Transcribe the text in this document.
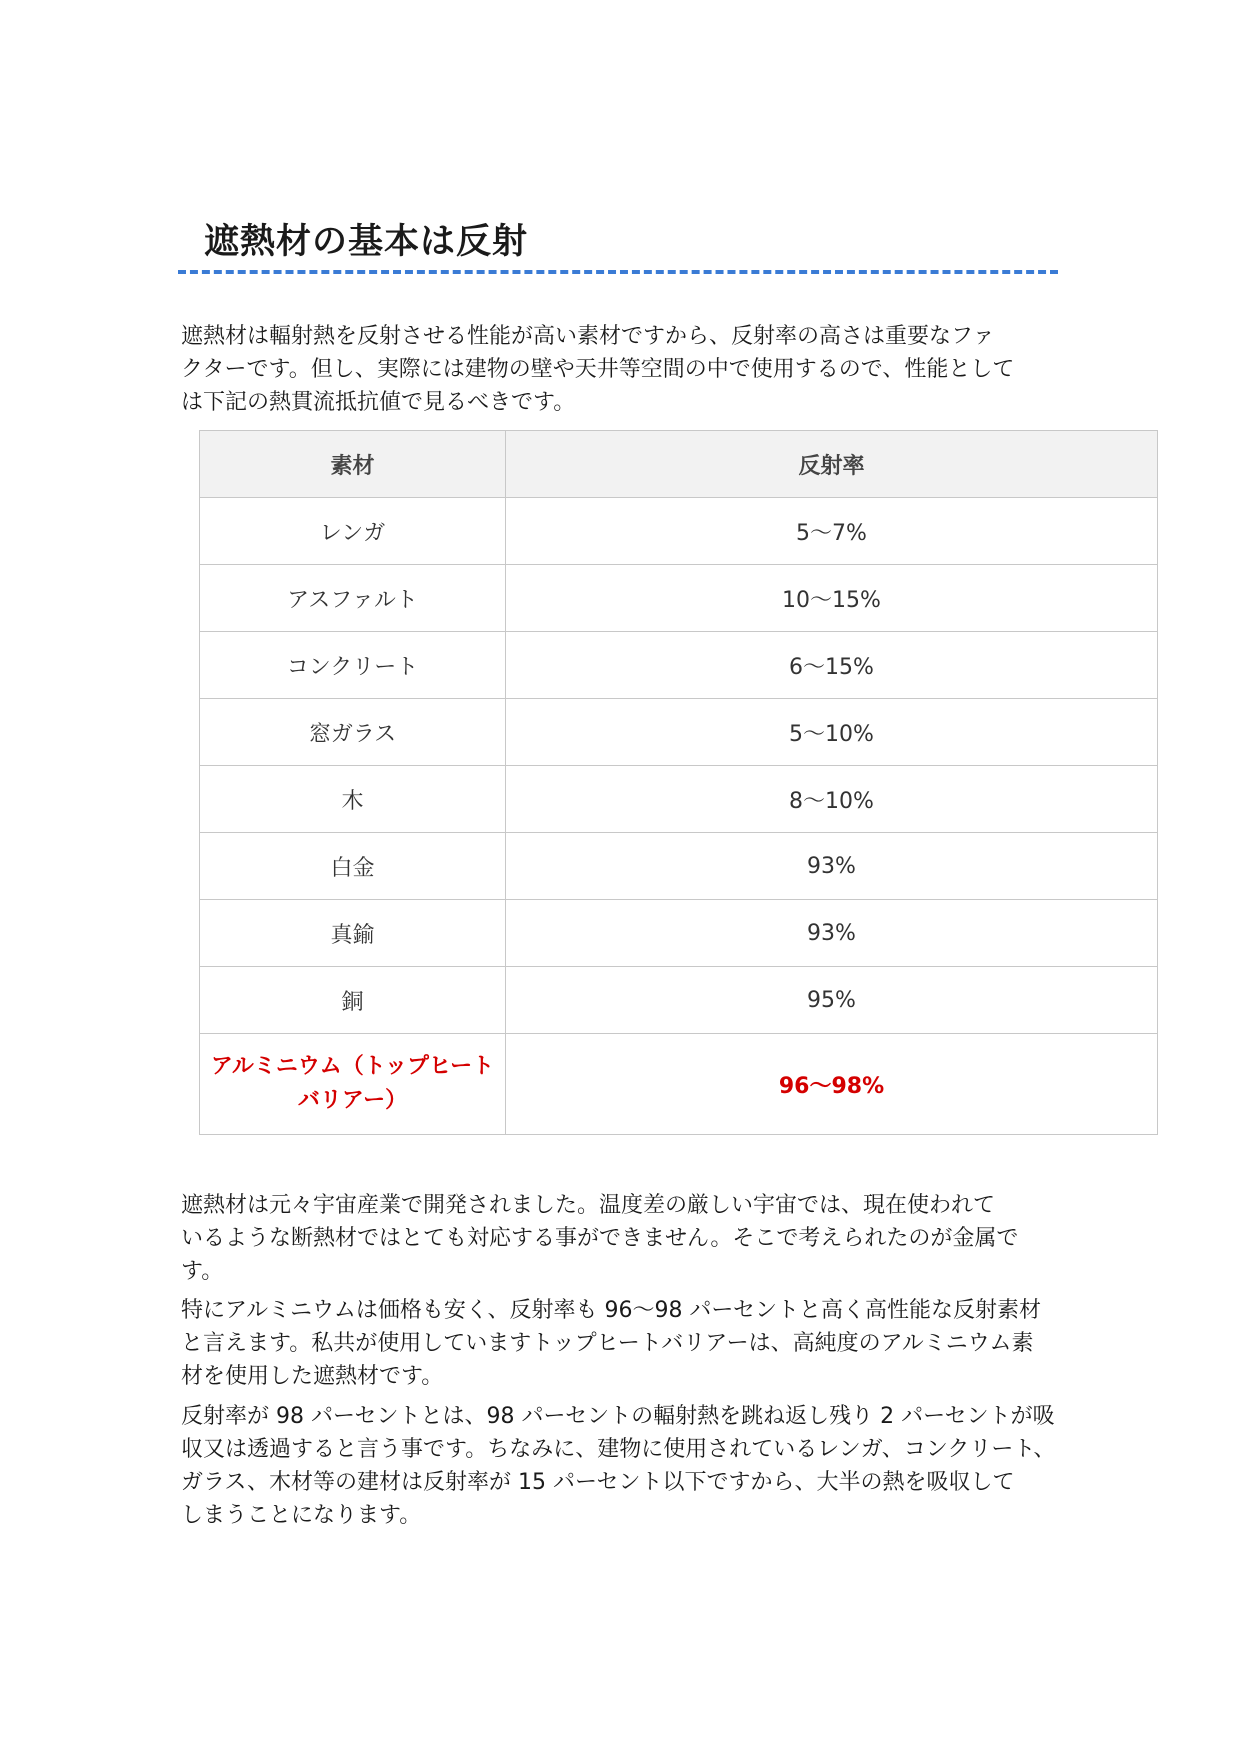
遮熱材の基本は反射

遮熱材は輻射熱を反射させる性能が高い素材ですから、反射率の高さは重要なファ
クターです。但し、実際には建物の壁や天井等空間の中で使用するので、性能として
は下記の熱貫流抵抗値で見るべきです。

素材	反射率
レンガ	5～7%
アスファルト	10～15%
コンクリート	6～15%
窓ガラス	5～10%
木	8～10%
白金	93%
真鍮	93%
銅	95%
アルミニウム（トップヒート
バリアー）	96～98%

遮熱材は元々宇宙産業で開発されました。温度差の厳しい宇宙では、現在使われて
いるような断熱材ではとても対応する事ができません。そこで考えられたのが金属で
す。

特にアルミニウムは価格も安く、反射率も 96～98 パーセントと高く高性能な反射素材
と言えます。私共が使用していますトップヒートバリアーは、高純度のアルミニウム素
材を使用した遮熱材です。

反射率が 98 パーセントとは、98 パーセントの輻射熱を跳ね返し残り 2 パーセントが吸
収又は透過すると言う事です。ちなみに、建物に使用されているレンガ、コンクリート、
ガラス、木材等の建材は反射率が 15 パーセント以下ですから、大半の熱を吸収して
しまうことになります。
